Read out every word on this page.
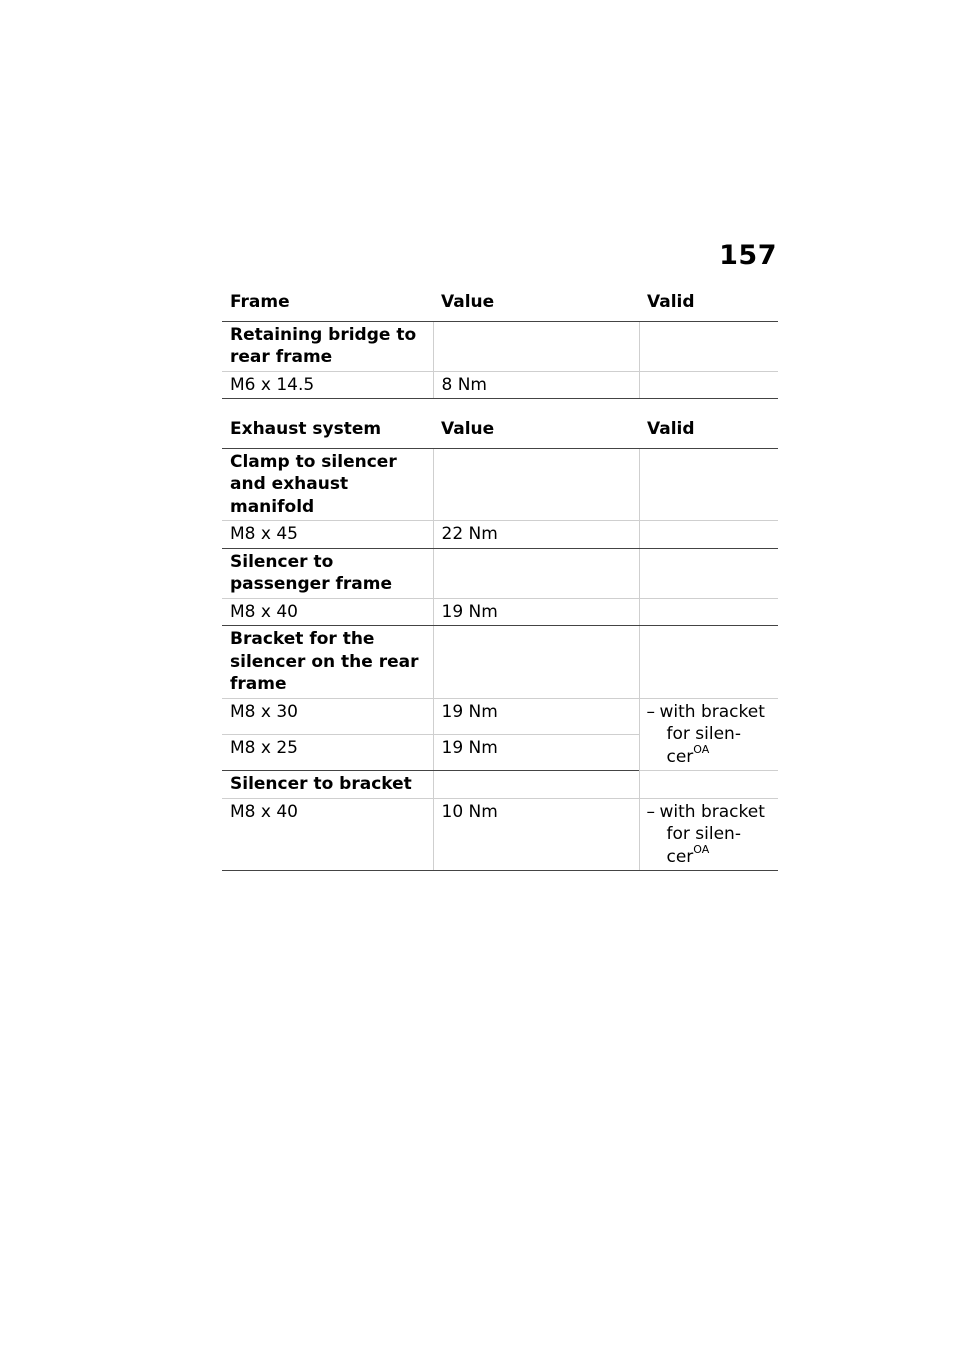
157
Frame	Value	Valid
Retaining bridge to rear frame		
M6 x 14.5	8 Nm	
Exhaust system	Value	Valid
Clamp to silencer and exhaust manifold		
M8 x 45	22 Nm	
Silencer to passenger frame		
M8 x 40	19 Nm	
Bracket for the silencer on the rear frame		
M8 x 30	19 Nm	– with bracket
for silen-
cer$^{OA}$

M8 x 25	19 Nm	
Silencer to bracket		
M8 x 40	10 Nm	– with bracket
for silen-
cer$^{OA}$
